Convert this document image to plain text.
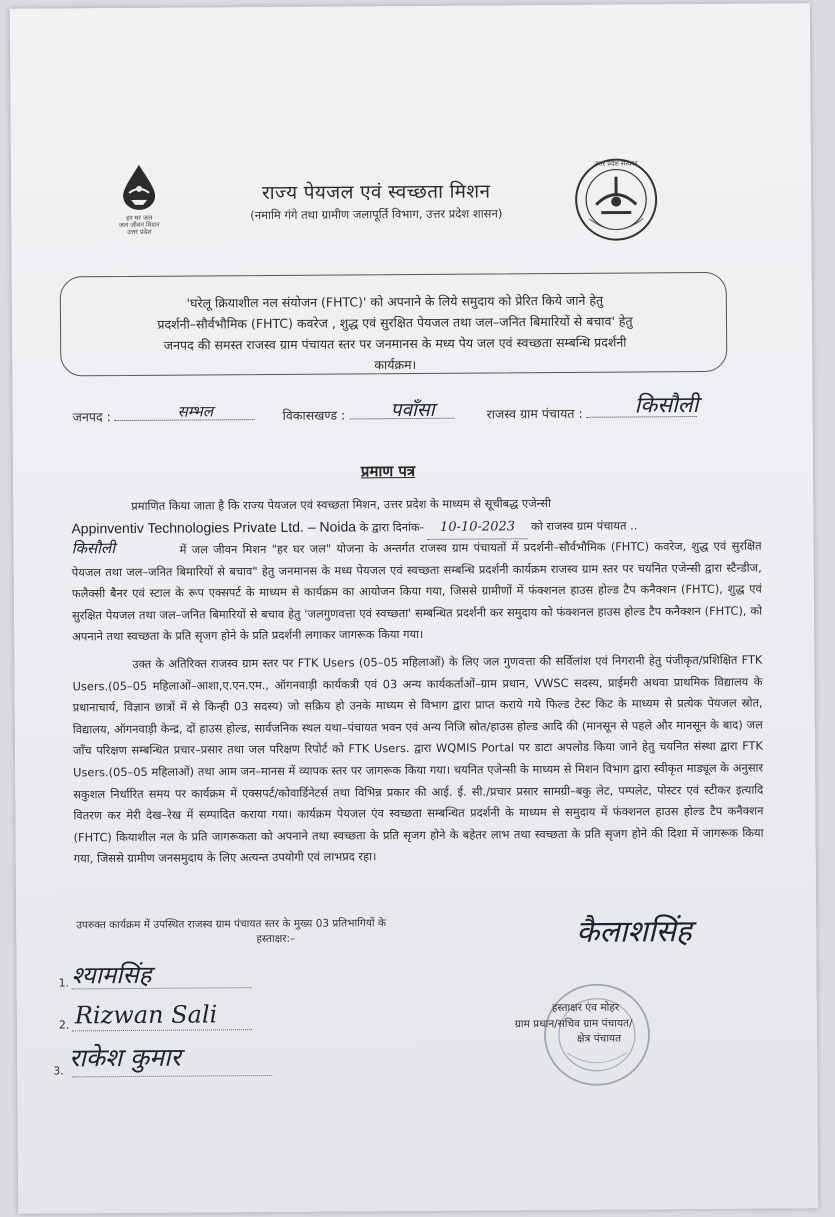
हर घर जल
जल जीवन मिशन
उत्तर प्रदेश
राज्य पेयजल एवं स्वच्छता मिशन
(नमामि गंगे तथा ग्रामीण जलापूर्ति विभाग, उत्तर प्रदेश शासन)
उत्तर प्रदेश सरकार
'घरेलू क्रियाशील नल संयोजन (FHTC)' को अपनाने के लिये समुदाय को प्रेरित किये जाने हेतु
प्रदर्शनी–सौर्वभौमिक (FHTC) कवरेज , शुद्ध एवं सुरक्षित पेयजल तथा जल–जनित बिमारियों से बचाव' हेतु
जनपद की समस्त राजस्व ग्राम पंचायत स्तर पर जनमानस के मध्य पेय जल एवं स्वच्छता सम्बन्धि प्रदर्शनी
कार्यक्रम।
जनपद :	सम्भल	विकासखण्ड :	पवाँसा	राजस्व ग्राम पंचायत :	किसौली
प्रमाण पत्र
प्रमाणित किया जाता है कि राज्य पेयजल एवं स्वच्छता मिशन, उत्तर प्रदेश के माध्यम से सूचीबद्ध एजेन्सी
Appinventiv Technologies Private Ltd. – Noida के द्वारा दिनांक- 10-10-2023 को राजस्व ग्राम पंचायत ..
किसौली	में जल जीवन मिशन "हर घर जल" योजना के अन्तर्गत राजस्व ग्राम पंचायतों में प्रदर्शनी–सौर्वभौमिक (FHTC) कवरेज, शुद्ध एवं सुरक्षित पेयजल तथा जल–जनित बिमारियों से बचाव" हेतु जनमानस के मध्य पेयजल एवं स्वच्छता सम्बन्धि प्रदर्शनी कार्यक्रम राजस्व ग्राम स्तर पर चयनित एजेन्सी द्वारा स्टैन्डीज, फलैक्सी बैनर एवं स्टाल के रूप एक्सपर्ट के माध्यम से कार्यक्रम का आयोजन किया गया, जिससे ग्रामीणों में फंक्शनल हाउस होल्ड टैप कनैक्शन (FHTC), शुद्ध एवं सुरक्षित पेयजल तथा जल–जनित बिमारियों से बचाव हेतु 'जलगुणवत्ता एवं स्वच्छता' सम्बन्धित प्रदर्शनी कर समुदाय को फंक्शनल हाउस होल्ड टैप कनैक्शन (FHTC), को अपनाने तथा स्वच्छता के प्रति सृजग होने के प्रति प्रदर्शनी लगाकर जागरूक किया गया।
उक्त के अतिरिक्त राजस्व ग्राम स्तर पर FTK Users (05–05 महिलाओं) के लिए जल गुणवत्ता की सर्विलांश एवं निगरानी हेतु पंजीकृत/प्रशिक्षित FTK Users.(05–05 महिलाओं–आशा,ए.एन.एम., ऑगनवाड़ी कार्यकत्री एवं 03 अन्य कार्यकर्ताओं–ग्राम प्रधान, VWSC सदस्य, प्राईमरी अथवा प्राथमिक विद्यालय के प्रधानाचार्य, विज्ञान छात्रों में से किन्ही 03 सदस्य) जो सक्रिय हो उनके माध्यम से विभाग द्वारा प्राप्त कराये गये फिल्ड टेस्ट किट के माध्यम से प्रत्येक पेयजल स्रोत, विद्यालय, ऑगनवाड़ी केन्द्र, दों हाउस होल्ड, सार्वजनिक स्थल यथा–पंचायत भवन एवं अन्य निजि स्रोत/हाउस होल्ड आदि की (मानसून से पहले और मानसून के बाद) जल जाँच परिक्षण सम्बन्धित प्रचार–प्रसार तथा जल परिक्षण रिपोर्ट को FTK Users. द्वारा WQMIS Portal पर डाटा अपलोड किया जाने हेतु चयनित संस्था द्वारा FTK Users.(05–05 महिलाओं) तथा आम जन–मानस में व्यापक स्तर पर जागरूक किया गया। चयनित एजेन्सी के माध्यम से मिशन विभाग द्वारा स्वीकृत माड्यूल के अनुसार सकुशल निर्धारित समय पर कार्यक्रम में एक्सपर्ट/कोवार्डिनेटर्स तथा विभिन्न प्रकार की आई. ई. सी./प्रचार प्रसार सामग्री–बकु लेट, पम्पलेट, पोस्टर एवं स्टीकर इत्यादि वितरण कर मेरी देख–रेख में सम्पादित कराया गया। कार्यक्रम पेयजल एंव स्वच्छता सम्बन्धित प्रदर्शनी के माध्यम से समुदाय में फंक्शनल हाउस होल्ड टैप कनैक्शन (FHTC) कियाशील नल के प्रति जागरूकता को अपनाने तथा स्वच्छता के प्रति सृजग होने के बहेतर लाभ तथा स्वच्छता के प्रति सृजग होने की दिशा में जागरूक किया गया, जिससे ग्रामीण जनसमुदाय के लिए अत्यन्त उपयोगी एवं लाभप्रद रहा।
उपरुक्त कार्यक्रम में उपस्थित राजस्व ग्राम पंचायत स्तर के मुख्य 03 प्रतिभागियों के
हस्ताक्षर:–	कैलाशसिंह
1. श्यामसिंह
2. Rizwan Sali
3. राकेश कुमार
हस्ताक्षर एंव मोहर
ग्राम प्रधान/सचिव ग्राम पंचायत/
क्षेत्र पंचायत
